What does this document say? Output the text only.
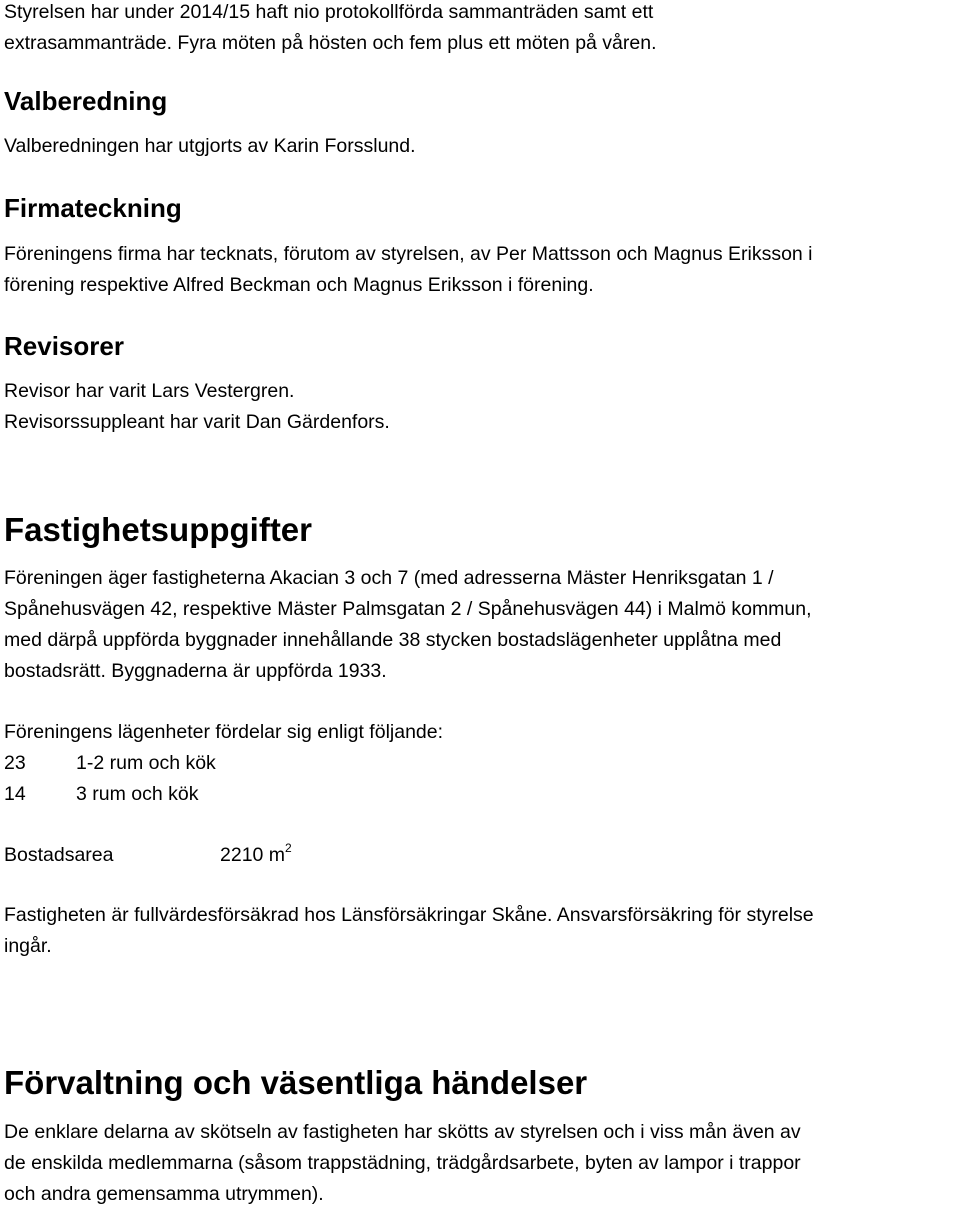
Styrelsen har under 2014/15 haft nio protokollförda sammanträden samt ett
extrasammanträde. Fyra möten på hösten och fem plus ett möten på våren.
Valberedning
Valberedningen har utgjorts av Karin Forsslund.
Firmateckning
Föreningens firma har tecknats, förutom av styrelsen, av Per Mattsson och Magnus Eriksson i
förening respektive Alfred Beckman och Magnus Eriksson i förening.
Revisorer
Revisor har varit Lars Vestergren.
Revisorssuppleant har varit Dan Gärdenfors.
Fastighetsuppgifter
Föreningen äger fastigheterna Akacian 3 och 7 (med adresserna Mäster Henriksgatan 1 /
Spånehusvägen 42, respektive Mäster Palmsgatan 2 / Spånehusvägen 44) i Malmö kommun,
med därpå uppförda byggnader innehållande 38 stycken bostadslägenheter upplåtna med
bostadsrätt. Byggnaderna är uppförda 1933.
Föreningens lägenheter fördelar sig enligt följande:
23	1-2 rum och kök
14	3 rum och kök
Bostadsarea	2210 $m^2$
Fastigheten är fullvärdesförsäkrad hos Länsförsäkringar Skåne. Ansvarsförsäkring för styrelse
ingår.
Förvaltning och väsentliga händelser
De enklare delarna av skötseln av fastigheten har skötts av styrelsen och i viss mån även av
de enskilda medlemmarna (såsom trappstädning, trädgårdsarbete, byten av lampor i trappor
och andra gemensamma utrymmen).
